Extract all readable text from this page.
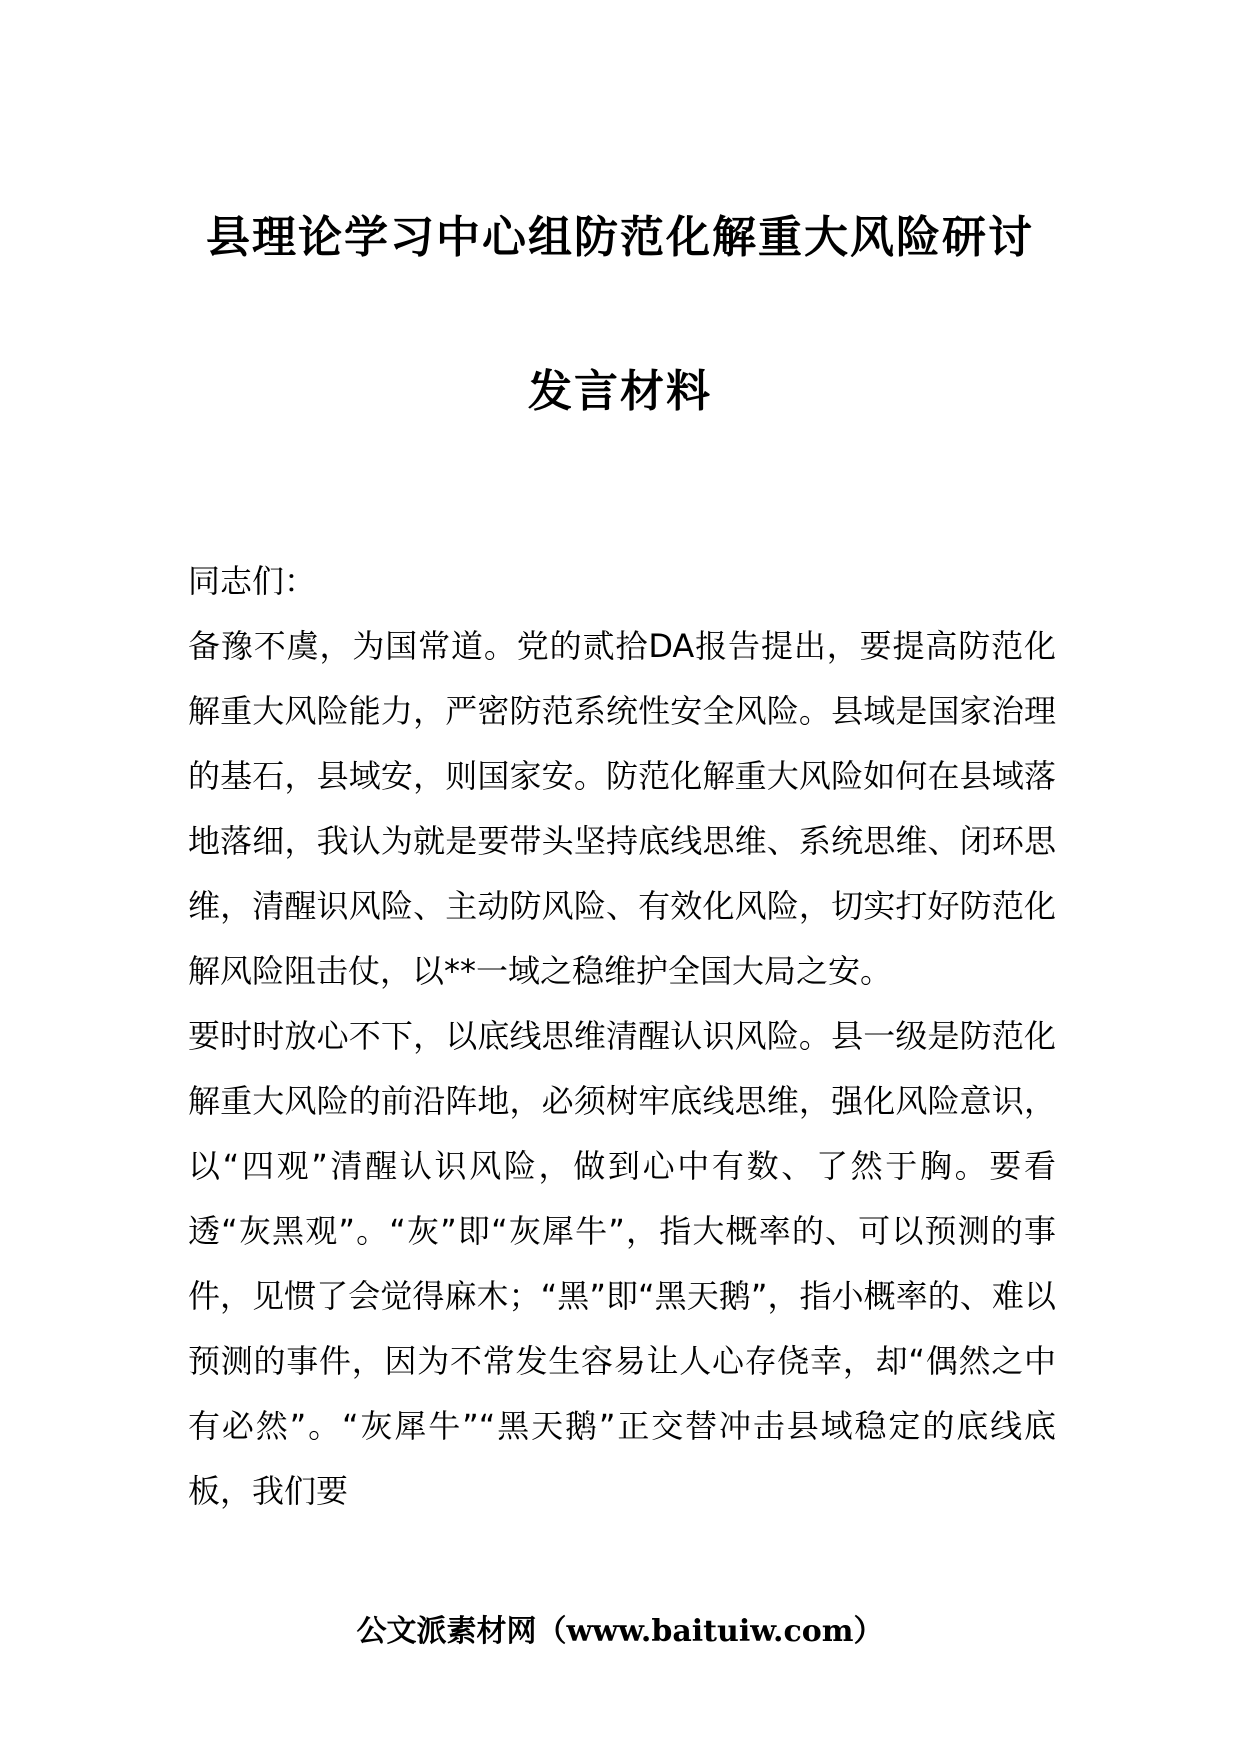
县理论学习中心组防范化解重大风险研讨
发言材料

同志们：

备豫不虞，为国常道。党的贰拾DA报告提出，要提高防范化解重大风险能力，严密防范系统性安全风险。县域是国家治理的基石，县域安，则国家安。防范化解重大风险如何在县域落地落细，我认为就是要带头坚持底线思维、系统思维、闭环思维，清醒识风险、主动防风险、有效化风险，切实打好防范化解风险阻击仗，以**一域之稳维护全国大局之安。

要时时放心不下，以底线思维清醒认识风险。县一级是防范化解重大风险的前沿阵地，必须树牢底线思维，强化风险意识，以“四观”清醒认识风险，做到心中有数、了然于胸。要看透“灰黑观”。“灰”即“灰犀牛”，指大概率的、可以预测的事件，见惯了会觉得麻木；“黑”即“黑天鹅”，指小概率的、难以预测的事件，因为不常发生容易让人心存侥幸，却“偶然之中有必然”。“灰犀牛”“黑天鹅”正交替冲击县域稳定的底线底板，我们要

公文派素材网（www.baituiw.com）
